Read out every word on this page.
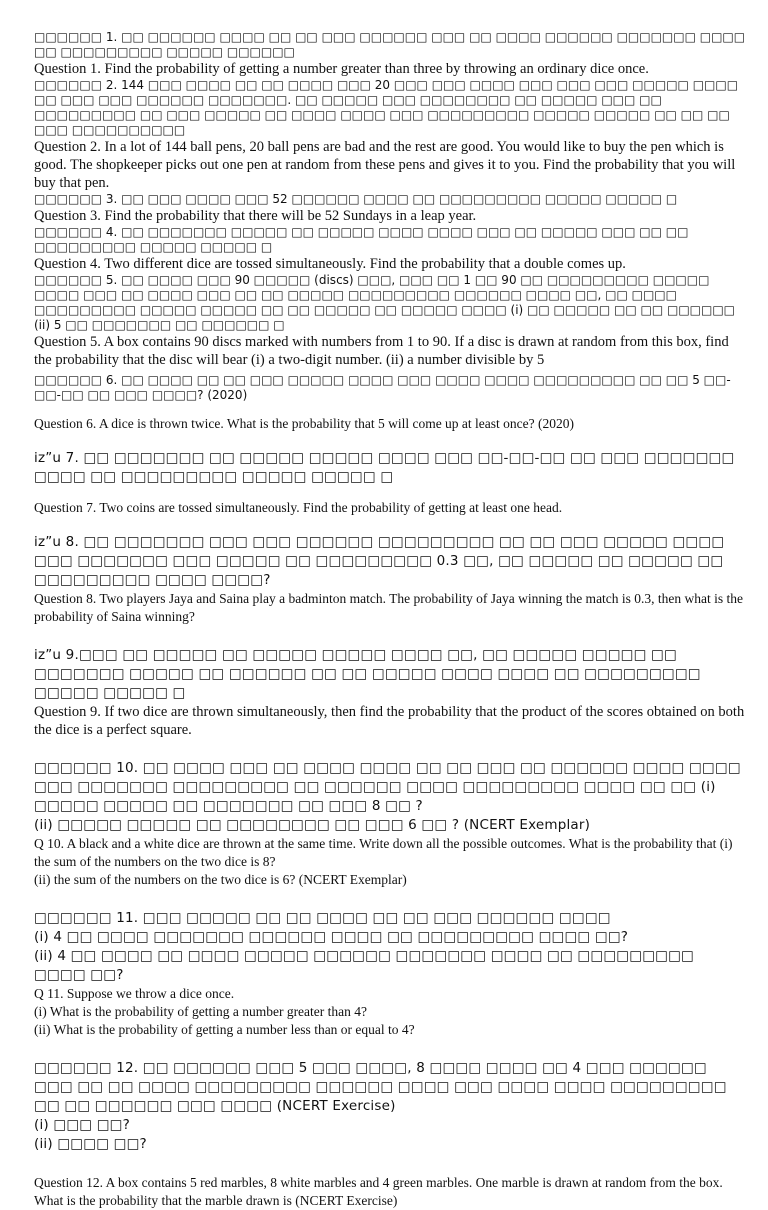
□□□□□□ 1. □□ □□□□□□ □□□□ □□ □□ □□□ □□□□□□ □□□ □□ □□□□ □□□□□□ □□□□□□□ □□□□ □□ □□□□□□□□□ □□□□□ □□□□□□

Question 1. Find the probability of getting a number greater than three by throwing an ordinary dice once.

□□□□□□ 2. 144 □□□ □□□□ □□ □□ □□□□ □□□ 20 □□□ □□□ □□□□ □□□ □□□ □□□ □□□□□ □□□□ □□ □□□ □□□ □□□□□□ □□□□□□□. □□ □□□□□ □□□ □□□□□□□□ □□ □□□□□ □□□ □□ □□□□□□□□□ □□ □□□ □□□□□ □□ □□□□ □□□□ □□□ □□□□□□□□□ □□□□□ □□□□□ □□ □□ □□ □□□ □□□□□□□□□□

Question 2. In a lot of 144 ball pens, 20 ball pens are bad and the rest are good. You would like to buy the pen which is good. The shopkeeper picks out one pen at random from these pens and gives it to you. Find the probability that you will buy that pen.

□□□□□□ 3. □□ □□□ □□□□ □□□ 52 □□□□□□ □□□□ □□ □□□□□□□□□ □□□□□ □□□□□ □

Question 3. Find the probability that there will be 52 Sundays in a leap year.

□□□□□□ 4. □□ □□□□□□□ □□□□□ □□ □□□□□ □□□□ □□□□ □□□ □□ □□□□□ □□□ □□ □□ □□□□□□□□□ □□□□□ □□□□□ □

Question 4. Two different dice are tossed simultaneously. Find the probability that a double comes up.

□□□□□□ 5. □□ □□□□ □□□ 90 □□□□□ (discs) □□□, □□□ □□ 1 □□ 90 □□ □□□□□□□□□ □□□□□ □□□□ □□□ □□ □□□□ □□□ □□ □□ □□□□□ □□□□□□□□□ □□□□□□ □□□□ □□, □□ □□□□ □□□□□□□□□ □□□□□ □□□□□ □□ □□ □□□□□ □□ □□□□□ □□□□ (i) □□ □□□□□ □□ □□ □□□□□□ (ii) 5 □□ □□□□□□□ □□ □□□□□□ □

Question 5. A box contains 90 discs marked with numbers from 1 to 90. If a disc is drawn at random from this box, find the probability that the disc will bear (i) a two-digit number. (ii) a number divisible by 5

□□□□□□ 6. □□ □□□□ □□ □□ □□□ □□□□□ □□□□ □□□ □□□□ □□□□ □□□□□□□□□ □□ □□ 5 □□-□□-□□ □□ □□□ □□□□? (2020)

Question 6. A dice is thrown twice. What is the probability that 5 will come up at least once? (2020)

iz”u 7. □□ □□□□□□□ □□ □□□□□ □□□□□ □□□□ □□□ □□-□□-□□ □□ □□□ □□□□□□□ □□□□ □□ □□□□□□□□□ □□□□□ □□□□□ □

Question 7. Two coins are tossed simultaneously. Find the probability of getting at least one head.

iz”u 8. □□ □□□□□□□ □□□ □□□ □□□□□□ □□□□□□□□□ □□ □□ □□□ □□□□□ □□□□ □□□ □□□□□□□ □□□ □□□□□ □□ □□□□□□□□□ 0.3 □□, □□ □□□□□ □□ □□□□□ □□ □□□□□□□□□ □□□□ □□□□?

Question 8. Two players Jaya and Saina play a badminton match. The probability of Jaya winning the match is 0.3, then what is the probability of Saina winning?

iz”u 9.□□□ □□ □□□□□ □□ □□□□□ □□□□□ □□□□ □□, □□ □□□□□ □□□□□ □□ □□□□□□□ □□□□□ □□ □□□□□□ □□ □□ □□□□□ □□□□ □□□□ □□ □□□□□□□□□ □□□□□ □□□□□ □

Question 9. If two dice are thrown simultaneously, then find the probability that the product of the scores obtained on both the dice is a perfect square.

□□□□□□ 10. □□ □□□□ □□□ □□ □□□□ □□□□ □□ □□ □□□ □□ □□□□□□ □□□□ □□□□ □□□ □□□□□□□ □□□□□□□□□ □□ □□□□□□ □□□□ □□□□□□□□□ □□□□ □□ □□ (i) □□□□□ □□□□□ □□ □□□□□□□ □□ □□□ 8 □□ ?

(ii) □□□□□ □□□□□ □□ □□□□□□□□ □□ □□□ 6 □□ ? (NCERT Exemplar)

Q 10. A black and a white dice are thrown at the same time. Write down all the possible outcomes. What is the probability that (i) the sum of the numbers on the two dice is 8?

(ii) the sum of the numbers on the two dice is 6? (NCERT Exemplar)

□□□□□□ 11. □□□ □□□□□ □□ □□ □□□□ □□ □□ □□□ □□□□□□ □□□□

(i) 4 □□ □□□□ □□□□□□□ □□□□□□ □□□□ □□ □□□□□□□□□ □□□□ □□?

(ii) 4 □□ □□□□ □□ □□□□ □□□□□ □□□□□□ □□□□□□□ □□□□ □□ □□□□□□□□□ □□□□ □□?

Q 11. Suppose we throw a dice once.

(i) What is the probability of getting a number greater than 4?

(ii) What is the probability of getting a number less than or equal to 4?

□□□□□□ 12. □□ □□□□□□ □□□ 5 □□□ □□□□, 8 □□□□ □□□□ □□ 4 □□□ □□□□□□ □□□ □□ □□ □□□□ □□□□□□□□□ □□□□□□ □□□□ □□□ □□□□ □□□□ □□□□□□□□□ □□ □□ □□□□□□ □□□ □□□□ (NCERT Exercise)

(i) □□□ □□?

(ii) □□□□ □□?

Question 12. A box contains 5 red marbles, 8 white marbles and 4 green marbles. One marble is drawn at random from the box. What is the probability that the marble drawn is (NCERT Exercise)
